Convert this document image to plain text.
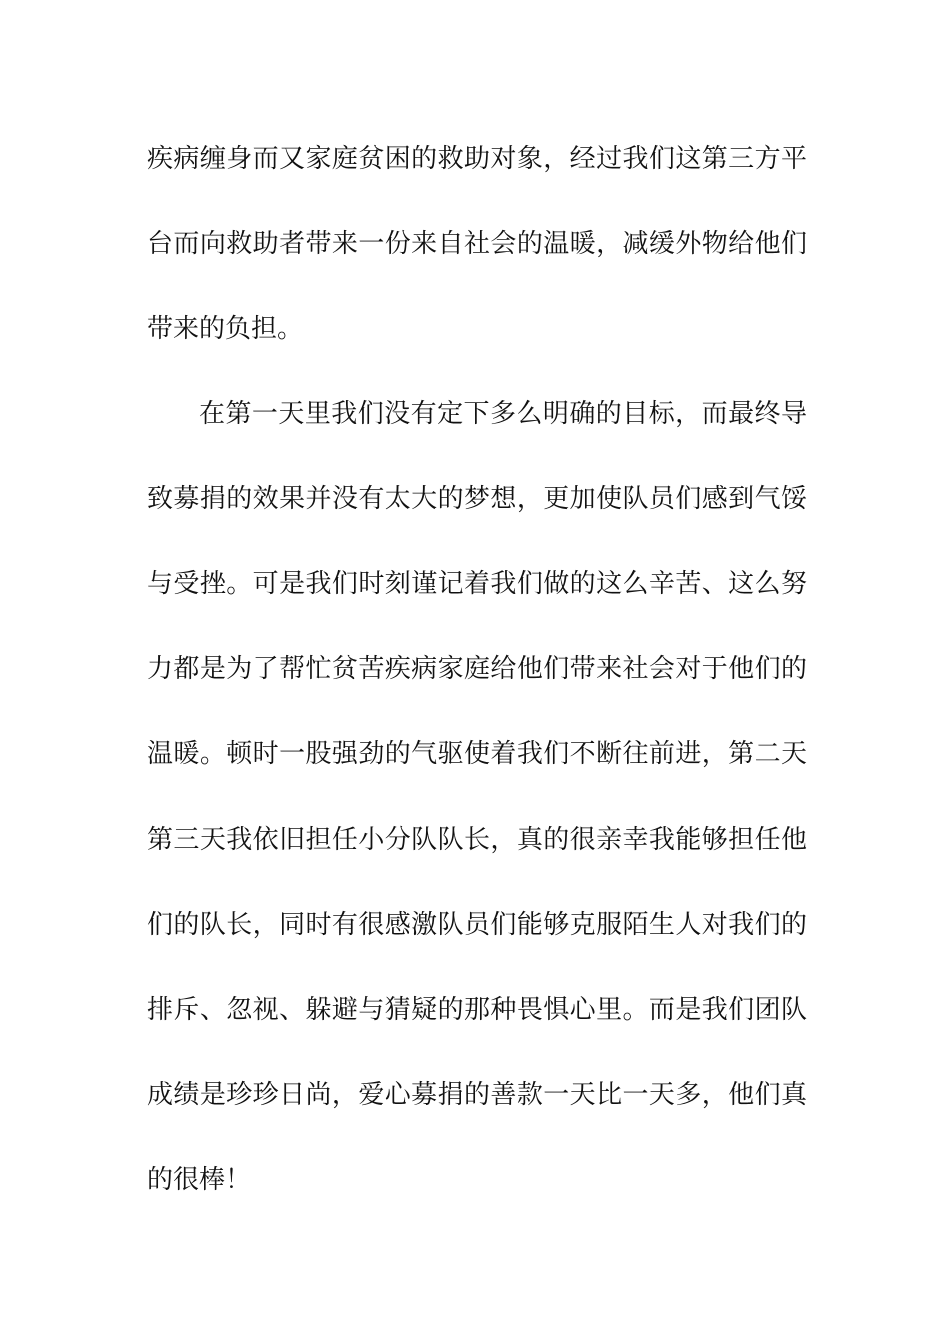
疾病缠身而又家庭贫困的救助对象，经过我们这第三方平
台而向救助者带来一份来自社会的温暖，减缓外物给他们
带来的负担。
在第一天里我们没有定下多么明确的目标，而最终导
致募捐的效果并没有太大的梦想，更加使队员们感到气馁
与受挫。可是我们时刻谨记着我们做的这么辛苦、这么努
力都是为了帮忙贫苦疾病家庭给他们带来社会对于他们的
温暖。顿时一股强劲的气驱使着我们不断往前进，第二天
第三天我依旧担任小分队队长，真的很亲幸我能够担任他
们的队长，同时有很感激队员们能够克服陌生人对我们的
排斥、忽视、躲避与猜疑的那种畏惧心里。而是我们团队
成绩是珍珍日尚，爱心募捐的善款一天比一天多，他们真
的很棒！
